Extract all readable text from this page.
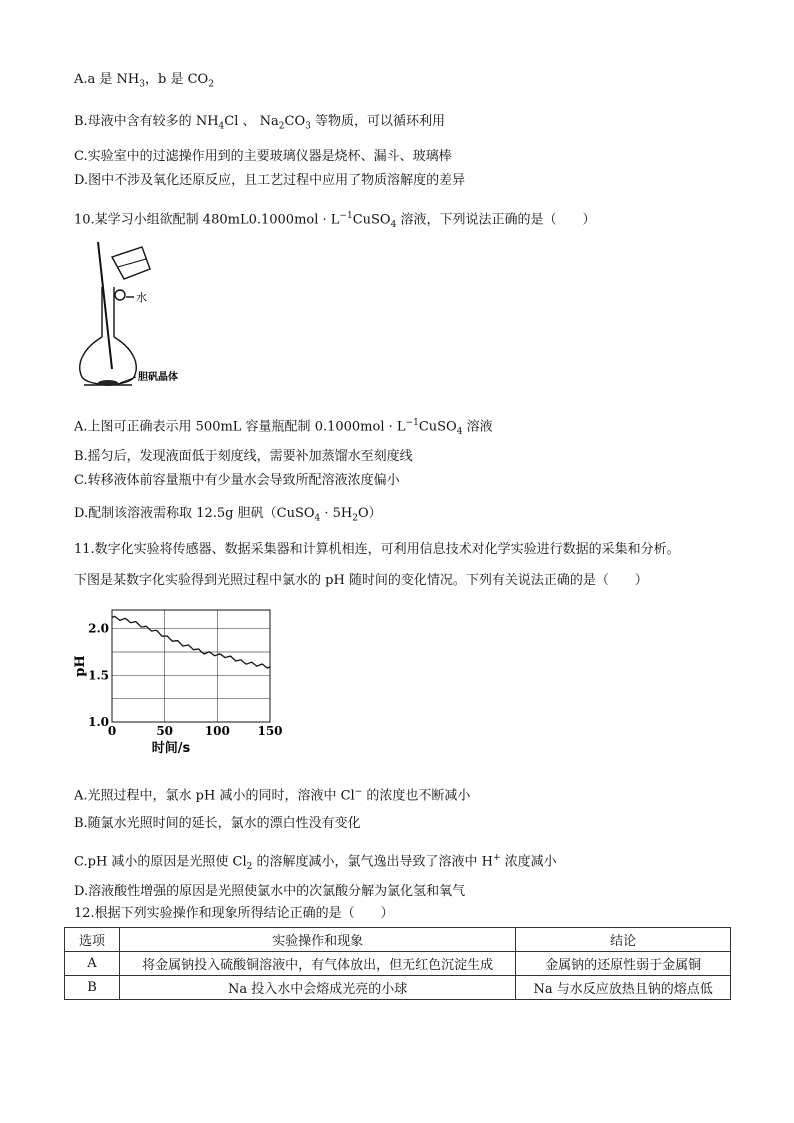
A.a 是 $NH_3$，b 是 $CO_2$
B.母液中含有较多的 $NH_4Cl$ 、 $Na_2CO_3$ 等物质，可以循环利用
C.实验室中的过滤操作用到的主要玻璃仪器是烧杯、漏斗、玻璃棒
D.图中不涉及氧化还原反应，且工艺过程中应用了物质溶解度的差异
10.某学习小组欲配制 $480mL0.1000mol \cdot L^{-1}CuSO_4$ 溶液，下列说法正确的是（　　）
水
胆矾晶体
A.上图可正确表示用 500mL 容量瓶配制 $0.1000mol \cdot L^{-1}CuSO_4$ 溶液
B.摇匀后，发现液面低于刻度线，需要补加蒸馏水至刻度线
C.转移液体前容量瓶中有少量水会导致所配溶液浓度偏小
D.配制该溶液需称取 12.5g 胆矾（CuSO$_4$ · $5H_2O$）
11.数字化实验将传感器、数据采集器和计算机相连，可利用信息技术对化学实验进行数据的采集和分析。
下图是某数字化实验得到光照过程中氯水的 pH 随时间的变化情况。下列有关说法正确的是（　　）
0	50	100 150
1.0
1.5
2.0
时间/s
pH
A.光照过程中，氯水 pH 减小的同时，溶液中 Cl− 的浓度也不断减小
B.随氯水光照时间的延长，氯水的漂白性没有变化
C.pH 减小的原因是光照使 $Cl_2$ 的溶解度减小，氯气逸出导致了溶液中 H+ 浓度减小
D.溶液酸性增强的原因是光照使氯水中的次氯酸分解为氯化氢和氧气
12.根据下列实验操作和现象所得结论正确的是（　　）
选项	实验操作和现象	结论
A	将金属钠投入硫酸铜溶液中，有气体放出，但无红色沉淀生成	金属钠的还原性弱于金属铜
B	Na 投入水中会熔成光亮的小球	Na 与水反应放热且钠的熔点低
